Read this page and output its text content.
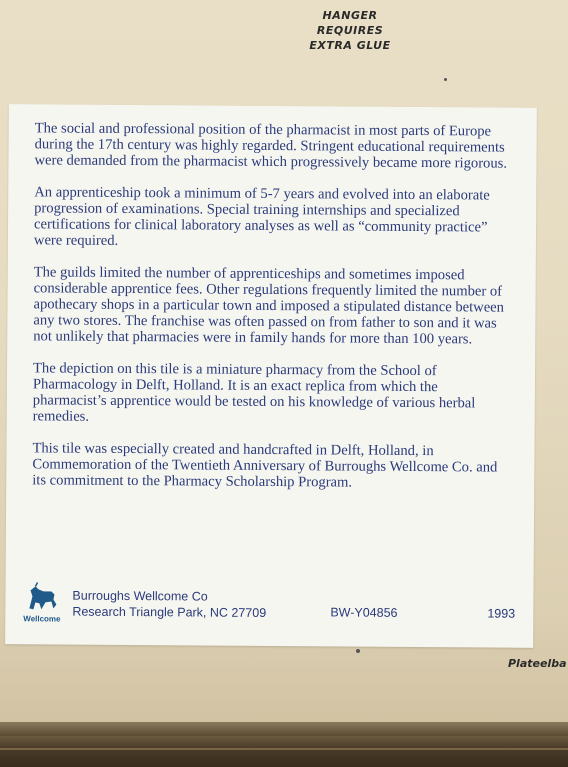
HANGER
REQUIRES
EXTRA GLUE

The social and professional position of the pharmacist in most parts of Europe during the 17th century was highly regarded. Stringent educational requirements were demanded from the pharmacist which progressively became more rigorous.

An apprenticeship took a minimum of 5-7 years and evolved into an elaborate progression of examinations. Special training internships and specialized certifications for clinical laboratory analyses as well as “community practice” were required.

The guilds limited the number of apprenticeships and sometimes imposed considerable apprentice fees. Other regulations frequently limited the number of apothecary shops in a particular town and imposed a stipulated distance between any two stores. The franchise was often passed on from father to son and it was not unlikely that pharmacies were in family hands for more than 100 years.

The depiction on this tile is a miniature pharmacy from the School of Pharmacology in Delft, Holland. It is an exact replica from which the pharmacist’s apprentice would be tested on his knowledge of various herbal remedies.

This tile was especially created and handcrafted in Delft, Holland, in Commemoration of the Twentieth Anniversary of Burroughs Wellcome Co. and its commitment to the Pharmacy Scholarship Program.

Wellcome
Burroughs Wellcome Co
Research Triangle Park, NC 27709	BW-Y04856	1993
Plateelba
